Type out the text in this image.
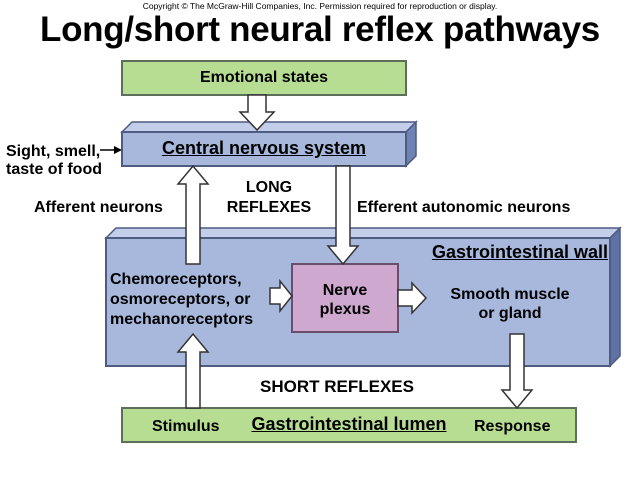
Copyright © The McGraw-Hill Companies, Inc. Permission required for reproduction or display.
Long/short neural reflex pathways
Emotional states
Central nervous system
Gastrointestinal wall
Nerve
plexus
Gastrointestinal lumen
Sight, smell,
taste of food
Afferent neurons
LONG
REFLEXES	Efferent autonomic neurons
Chemoreceptors,
osmoreceptors, or
mechanoreceptors
Smooth muscle
or gland
SHORT REFLEXES
Stimulus	Response
